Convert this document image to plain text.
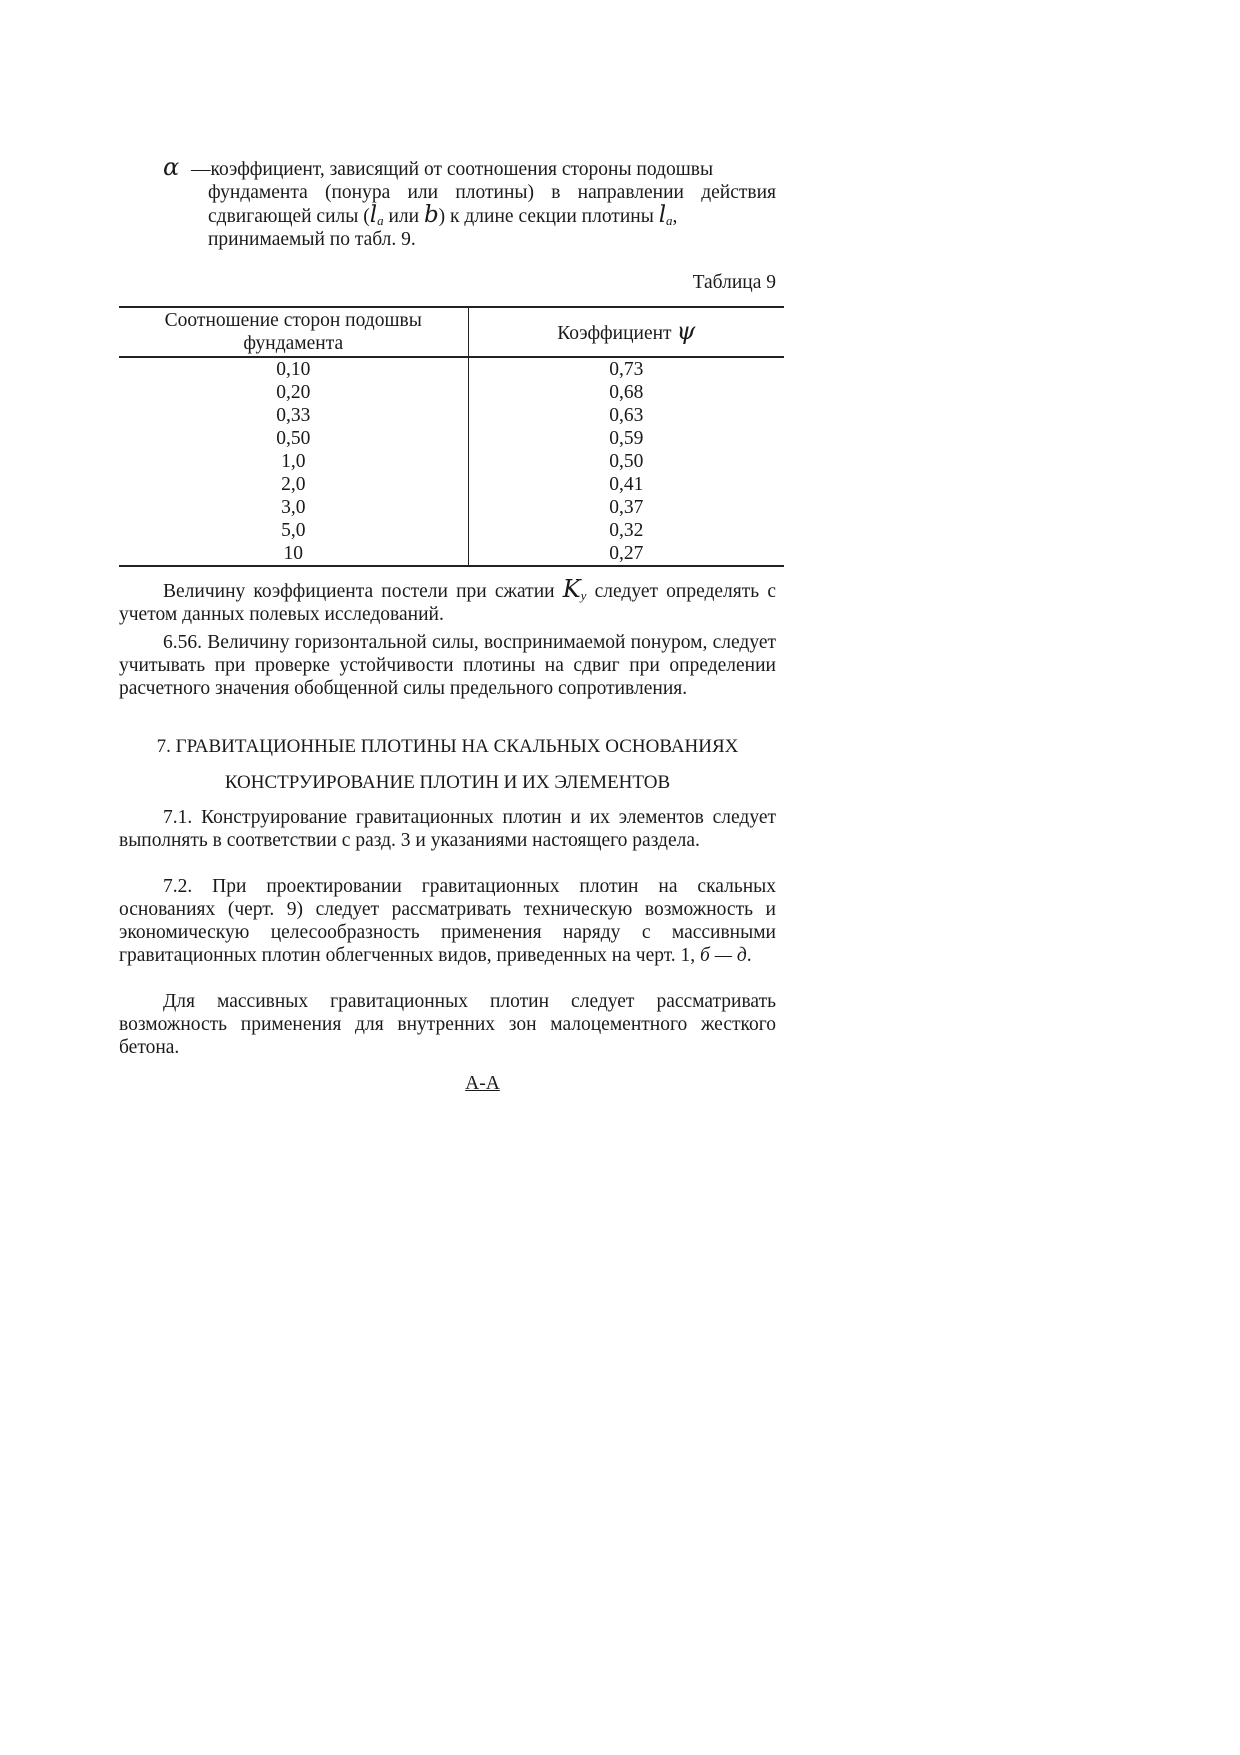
α —коэффициент, зависящий от соотношения стороны подошвы
фундамента (понура или плотины) в направлении действия
сдвигающей силы ($l_a$ или b) к длине секции плотины $l_a$,
принимаемый по табл. 9.
Таблица 9
Соотношение сторон подошвы фундамента	Коэффициент ψ
0,10	0,73
0,20	0,68
0,33	0,63
0,50	0,59
1,0	0,50
2,0	0,41
3,0	0,37
5,0	0,32
10	0,27

Величину коэффициента постели при сжатии $K_y$ следует определять с учетом данных полевых исследований.

6.56. Величину горизонтальной силы, воспринимаемой понуром, следует учитывать при проверке устойчивости плотины на сдвиг при определении расчетного значения обобщенной силы предельного сопротивления.

7. ГРАВИТАЦИОННЫЕ ПЛОТИНЫ НА СКАЛЬНЫХ ОСНОВАНИЯХ
КОНСТРУИРОВАНИЕ ПЛОТИН И ИХ ЭЛЕМЕНТОВ

7.1. Конструирование гравитационных плотин и их элементов следует выполнять в соответствии с разд. 3 и указаниями настоящего раздела.

7.2. При проектировании гравитационных плотин на скальных основаниях (черт. 9) следует рассматривать техническую возможность и экономическую целесообразность применения наряду с массивными гравитационных плотин облегченных видов, приведенных на черт. 1, б — д.

Для массивных гравитационных плотин следует рассматривать возможность применения для внутренних зон малоцементного жесткого бетона.

А-А
